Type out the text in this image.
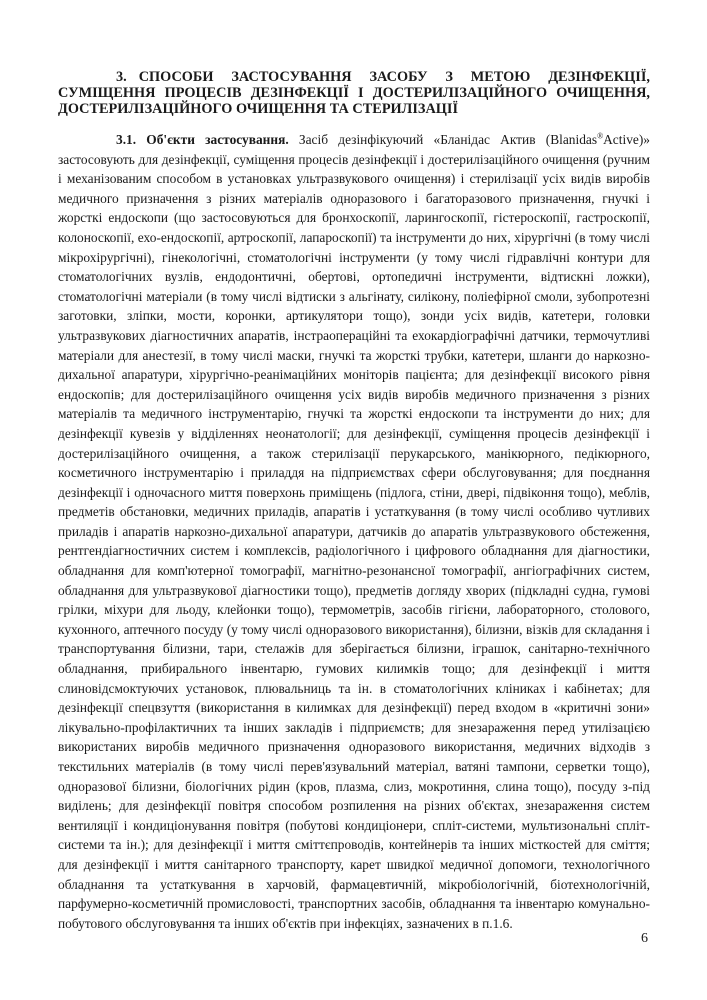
3. СПОСОБИ ЗАСТОСУВАННЯ ЗАСОБУ З МЕТОЮ ДЕЗІНФЕКЦІЇ, СУМІЩЕННЯ ПРОЦЕСІВ ДЕЗІНФЕКЦІЇ І ДОСТЕРИЛІЗАЦІЙНОГО ОЧИЩЕННЯ, ДОСТЕРИЛІЗАЦІЙНОГО ОЧИЩЕННЯ ТА СТЕРИЛІЗАЦІЇ
3.1. Об'єкти застосування. Засіб дезінфікуючий «Бланідас Актив (Blanidas®Active)» застосовують для дезінфекції, суміщення процесів дезінфекції і достерилізаційного очищення (ручним і механізованим способом в установках ультразвукового очищення) і стерилізації усіх видів виробів медичного призначення з різних матеріалів одноразового і багаторазового призначення, гнучкі і жорсткі ендоскопи (що застосовуються для бронхоскопії, ларингоскопії, гістероскопії, гастроскопії, колоноскопії, ехо-ендоскопії, артроскопії, лапароскопії) та інструменти до них, хірургічні (в тому числі мікрохірургічні), гінекологічні, стоматологічні інструменти (у тому числі гідравлічні контури для стоматологічних вузлів, ендодонтичні, обертові, ортопедичні інструменти, відтискні ложки), стоматологічні матеріали (в тому числі відтиски з альгінату, силікону, поліефірної смоли, зубопротезні заготовки, зліпки, мости, коронки, артикулятори тощо), зонди усіх видів, катетери, головки ультразвукових діагностичних апаратів, інстраопераційні та ехокардіографічні датчики, термочутливі матеріали для анестезії, в тому числі маски, гнучкі та жорсткі трубки, катетери, шланги до наркозно-дихальної апаратури, хірургічно-реанімаційних моніторів пацієнта; для дезінфекції високого рівня ендоскопів; для достерилізаційного очищення усіх видів виробів медичного призначення з різних матеріалів та медичного інструментарію, гнучкі та жорсткі ендоскопи та інструменти до них; для дезінфекції кувезів у відділеннях неонатології; для дезінфекції, суміщення процесів дезінфекції і достерилізаційного очищення, а також стерилізації перукарського, манікюрного, педікюрного, косметичного інструментарію і приладдя на підприємствах сфери обслуговування; для поєднання дезінфекції і одночасного миття поверхонь приміщень (підлога, стіни, двері, підвіконня тощо), меблів, предметів обстановки, медичних приладів, апаратів і устаткування (в тому числі особливо чутливих приладів і апаратів наркозно-дихальної апаратури, датчиків до апаратів ультразвукового обстеження, рентгендіагностичних систем і комплексів, радіологічного і цифрового обладнання для діагностики, обладнання для комп'ютерної томографії, магнітно-резонансної томографії, ангіографічних систем, обладнання для ультразвукової діагностики тощо), предметів догляду хворих (підкладні судна, гумові грілки, міхури для льоду, клейонки тощо), термометрів, засобів гігієни, лабораторного, столового, кухонного, аптечного посуду (у тому числі одноразового використання), білизни, візків для складання і транспортування білизни, тари, стелажів для зберігається білизни, іграшок, санітарно-технічного обладнання, прибирального інвентарю, гумових килимків тощо; для дезінфекції і миття слиновідсмоктуючих установок, плювальниць та ін. в стоматологічних кліниках і кабінетах; для дезінфекції спецвзуття (використання в килимках для дезінфекції) перед входом в «критичні зони» лікувально-профілактичних та інших закладів і підприємств; для знезараження перед утилізацією використаних виробів медичного призначення одноразового використання, медичних відходів з текстильних матеріалів (в тому числі перев'язувальний матеріал, ватяні тампони, серветки тощо), одноразової білизни, біологічних рідин (кров, плазма, слиз, мокротиння, слина тощо), посуду з-під виділень; для дезінфекції повітря способом розпилення на різних об'єктах, знезараження систем вентиляції і кондиціонування повітря (побутові кондиціонери, спліт-системи, мультизональні спліт-системи та ін.); для дезінфекції і миття сміттєпроводів, контейнерів та інших місткостей для сміття; для дезінфекції і миття санітарного транспорту, карет швидкої медичної допомоги, технологічного обладнання та устаткування в харчовій, фармацевтичній, мікробіологічній, біотехнологічній, парфумерно-косметичній промисловості, транспортних засобів, обладнання та інвентарю комунально-побутового обслуговування та інших об'єктів при інфекціях, зазначених в п.1.6.
6
